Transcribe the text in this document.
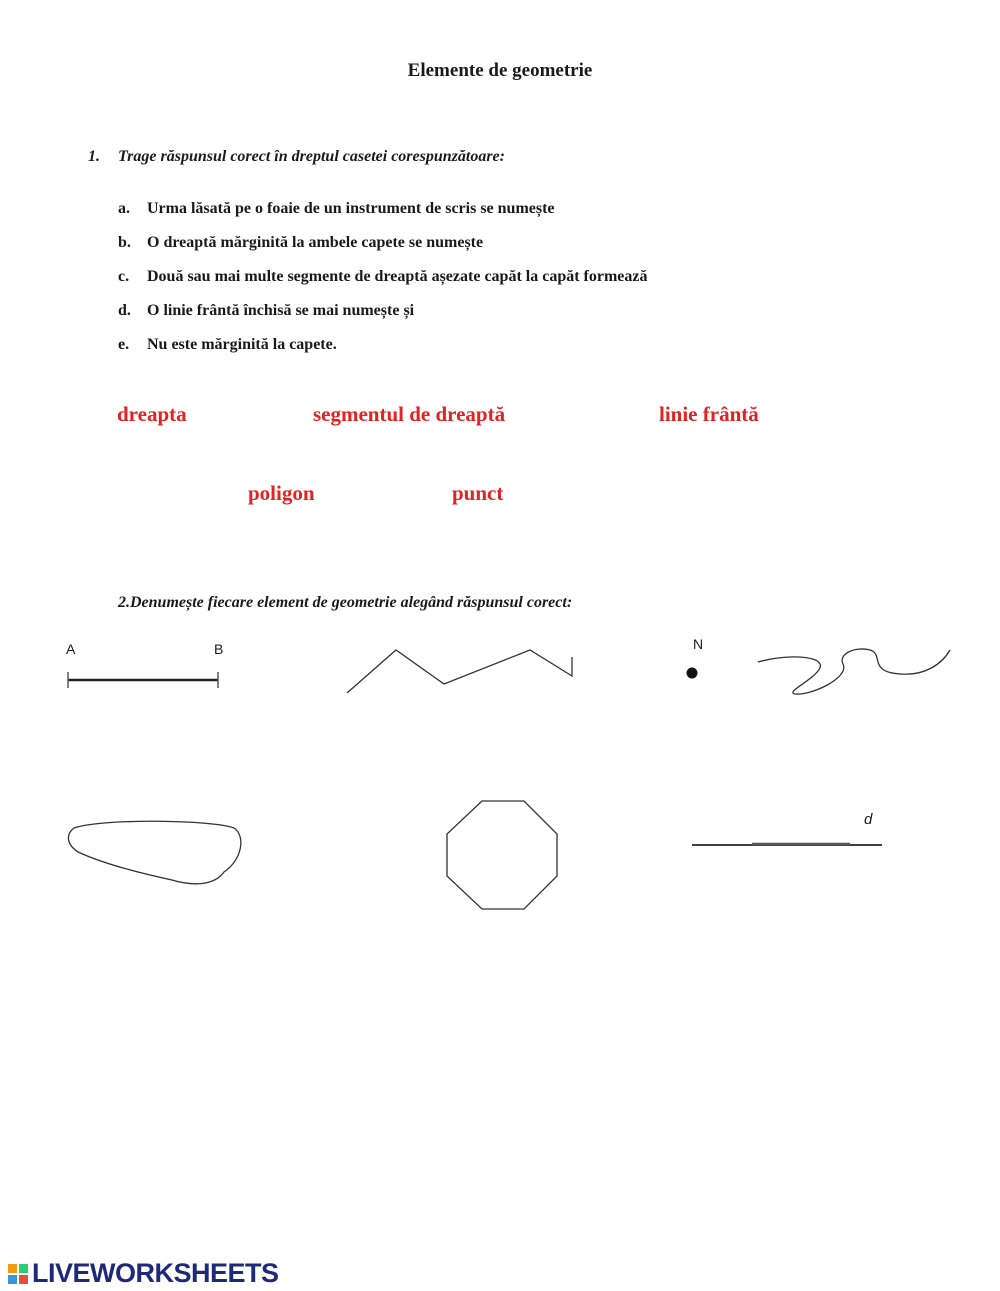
Elemente de geometrie
1. Trage răspunsul corect în dreptul casetei corespunzătoare:
a. Urma lăsată pe o foaie de un instrument de scris se numește
b. O dreaptă mărginită la ambele capete se numește
c. Două sau mai multe segmente de dreaptă așezate capăt la capăt formează
d. O linie frântă închisă se mai numește și
e. Nu este mărginită la capete.
dreapta	segmentul de dreaptă	linie frântă
poligon	punct
2.Denumește fiecare element de geometrie alegând răspunsul corect:
A	B	N
d
LIVEWORKSHEETS
